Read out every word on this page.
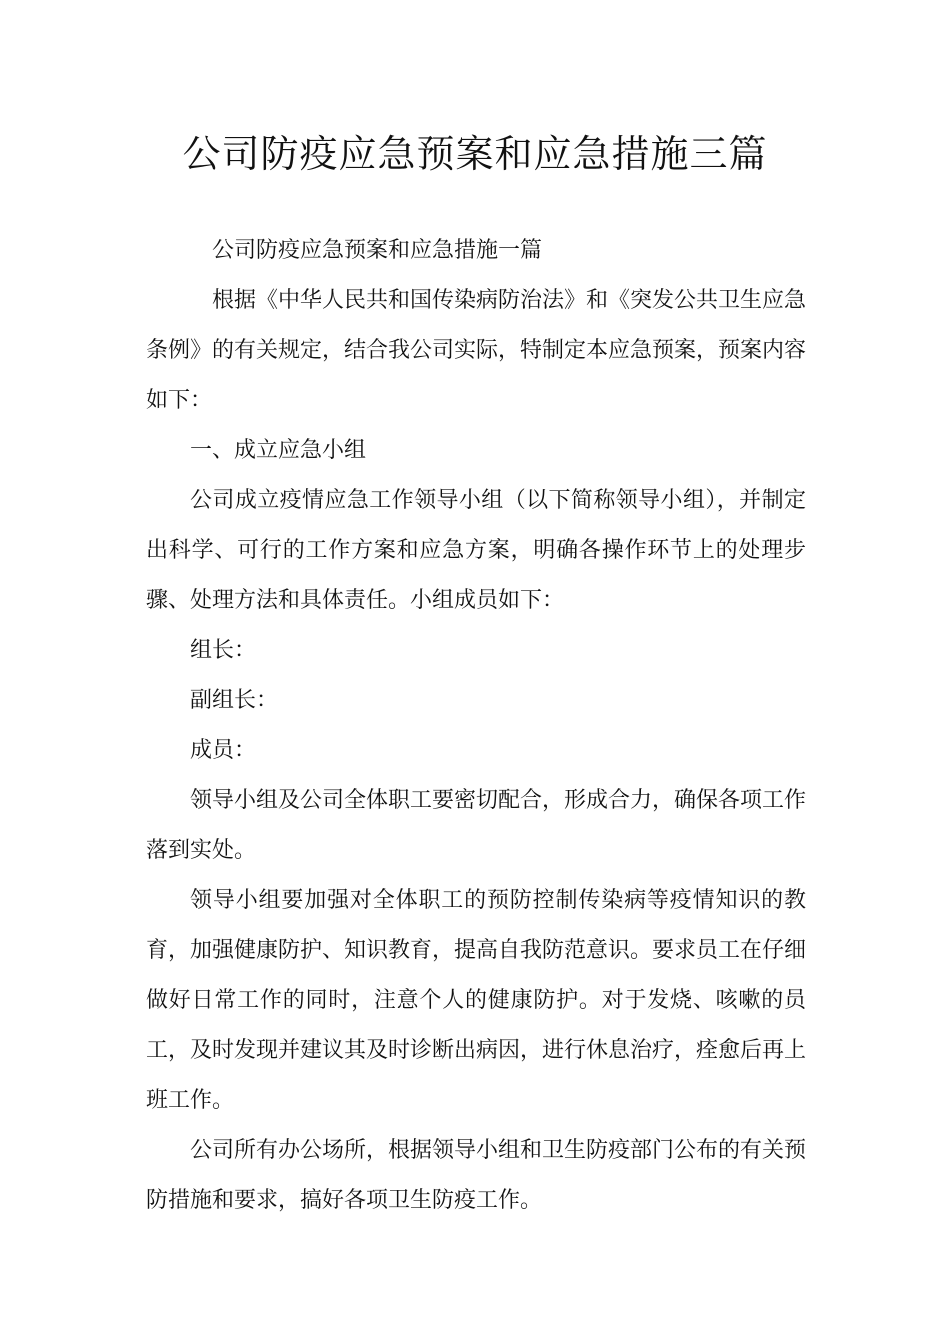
公司防疫应急预案和应急措施三篇

公司防疫应急预案和应急措施一篇

根据《中华人民共和国传染病防治法》和《突发公共卫生应急条例》的有关规定，结合我公司实际，特制定本应急预案，预案内容如下：

一、成立应急小组

公司成立疫情应急工作领导小组（以下简称领导小组），并制定出科学、可行的工作方案和应急方案，明确各操作环节上的处理步骤、处理方法和具体责任。小组成员如下：

组长：

副组长：

成员：

领导小组及公司全体职工要密切配合，形成合力，确保各项工作落到实处。

领导小组要加强对全体职工的预防控制传染病等疫情知识的教育，加强健康防护、知识教育，提高自我防范意识。要求员工在仔细做好日常工作的同时，注意个人的健康防护。对于发烧、咳嗽的员工，及时发现并建议其及时诊断出病因，进行休息治疗，痊愈后再上班工作。

公司所有办公场所，根据领导小组和卫生防疫部门公布的有关预防措施和要求，搞好各项卫生防疫工作。
